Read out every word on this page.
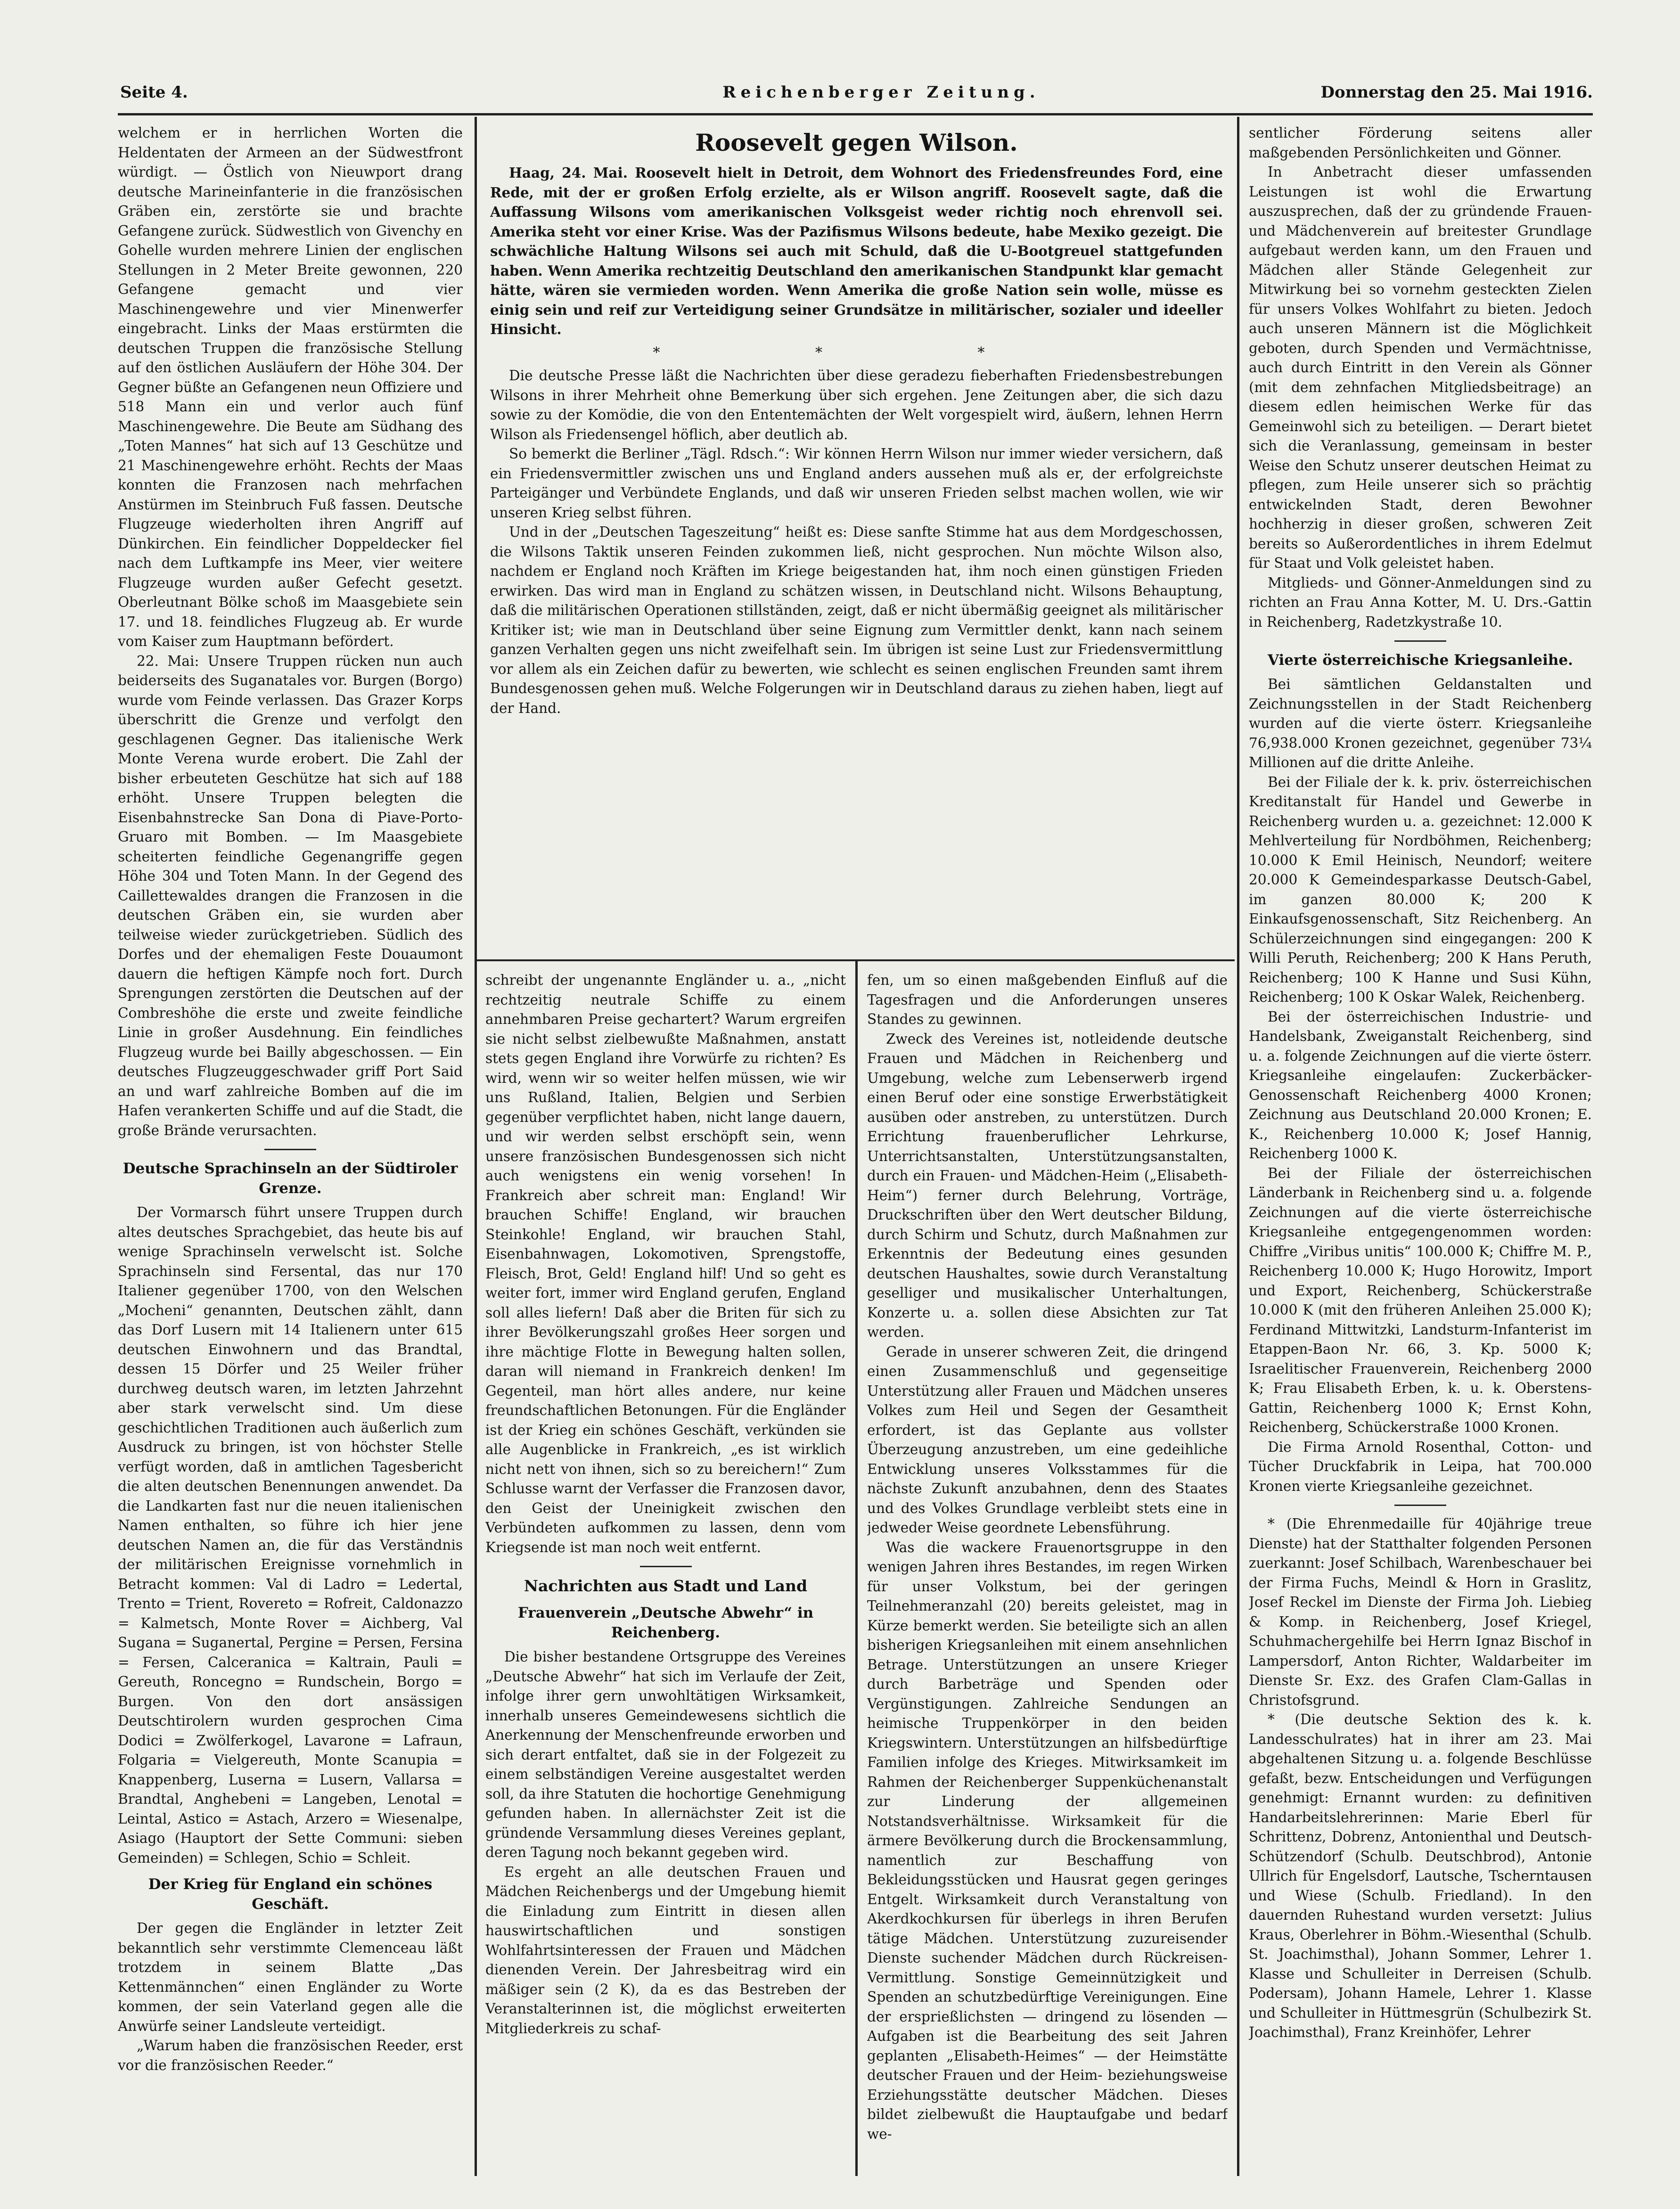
Seite 4.	Reichenberger Zeitung.	Donnerstag den 25. Mai 1916.

welchem er in herrlichen Worten die Heldentaten der Armeen an der Südwestfront würdigt. — Östlich von Nieuwport drang deutsche Marineinfanterie in die französischen Gräben ein, zerstörte sie und brachte Gefangene zurück. Südwestlich von Givenchy en Gohelle wurden mehrere Linien der englischen Stellungen in 2 Meter Breite gewonnen, 220 Gefangene gemacht und vier Maschinengewehre und vier Minenwerfer eingebracht. Links der Maas erstürmten die deutschen Truppen die französische Stellung auf den östlichen Ausläufern der Höhe 304. Der Gegner büßte an Gefangenen neun Offiziere und 518 Mann ein und verlor auch fünf Maschinengewehre. Die Beute am Südhang des „Toten Mannes“ hat sich auf 13 Geschütze und 21 Maschinengewehre erhöht. Rechts der Maas konnten die Franzosen nach mehrfachen Anstürmen im Steinbruch Fuß fassen. Deutsche Flugzeuge wiederholten ihren Angriff auf Dünkirchen. Ein feindlicher Doppeldecker fiel nach dem Luftkampfe ins Meer, vier weitere Flugzeuge wurden außer Gefecht gesetzt. Oberleutnant Bölke schoß im Maasgebiete sein 17. und 18. feindliches Flugzeug ab. Er wurde vom Kaiser zum Hauptmann befördert.

22. Mai: Unsere Truppen rücken nun auch beiderseits des Suganatales vor. Burgen (Borgo) wurde vom Feinde verlassen. Das Grazer Korps überschritt die Grenze und verfolgt den geschlagenen Gegner. Das italienische Werk Monte Verena wurde erobert. Die Zahl der bisher erbeuteten Geschütze hat sich auf 188 erhöht. Unsere Truppen belegten die Eisenbahnstrecke San Dona di Piave-Porto-Gruaro mit Bomben. — Im Maasgebiete scheiterten feindliche Gegenangriffe gegen Höhe 304 und Toten Mann. In der Gegend des Caillettewaldes drangen die Franzosen in die deutschen Gräben ein, sie wurden aber teilweise wieder zurückgetrieben. Südlich des Dorfes und der ehemaligen Feste Douaumont dauern die heftigen Kämpfe noch fort. Durch Sprengungen zerstörten die Deutschen auf der Combreshöhe die erste und zweite feindliche Linie in großer Ausdehnung. Ein feindliches Flugzeug wurde bei Bailly abgeschossen. — Ein deutsches Flugzeuggeschwader griff Port Said an und warf zahlreiche Bomben auf die im Hafen verankerten Schiffe und auf die Stadt, die große Brände verursachten.

Deutsche Sprachinseln an der Südtiroler Grenze.

Der Vormarsch führt unsere Truppen durch altes deutsches Sprachgebiet, das heute bis auf wenige Sprachinseln verwelscht ist. Solche Sprachinseln sind Fersental, das nur 170 Italiener gegenüber 1700, von den Welschen „Mocheni“ genannten, Deutschen zählt, dann das Dorf Lusern mit 14 Italienern unter 615 deutschen Einwohnern und das Brandtal, dessen 15 Dörfer und 25 Weiler früher durchweg deutsch waren, im letzten Jahrzehnt aber stark verwelscht sind. Um diese geschichtlichen Traditionen auch äußerlich zum Ausdruck zu bringen, ist von höchster Stelle verfügt worden, daß in amtlichen Tagesbericht die alten deutschen Benennungen anwendet. Da die Landkarten fast nur die neuen italienischen Namen enthalten, so führe ich hier jene deutschen Namen an, die für das Verständnis der militärischen Ereignisse vornehmlich in Betracht kommen: Val di Ladro = Ledertal, Trento = Trient, Rovereto = Rofreit, Caldonazzo = Kalmetsch, Monte Rover = Aichberg, Val Sugana = Suganertal, Pergine = Persen, Fersina = Fersen, Calceranica = Kaltrain, Pauli = Gereuth, Roncegno = Rundschein, Borgo = Burgen. Von den dort ansässigen Deutschtirolern wurden gesprochen Cima Dodici = Zwölferkogel, Lavarone = Lafraun, Folgaria = Vielgereuth, Monte Scanupia = Knappenberg, Luserna = Lusern, Vallarsa = Brandtal, Anghebeni = Langeben, Lenotal = Leintal, Astico = Astach, Arzero = Wiesenalpe, Asiago (Hauptort der Sette Communi: sieben Gemeinden) = Schlegen, Schio = Schleit.

Der Krieg für England ein schönes Geschäft.

Der gegen die Engländer in letzter Zeit bekanntlich sehr verstimmte Clemenceau läßt trotzdem in seinem Blatte „Das Kettenmännchen“ einen Engländer zu Worte kommen, der sein Vaterland gegen alle die Anwürfe seiner Landsleute verteidigt.

„Warum haben die französischen Reeder, erst vor die französischen Reeder.“

Roosevelt gegen Wilson.

Haag, 24. Mai. Roosevelt hielt in Detroit, dem Wohnort des Friedensfreundes Ford, eine Rede, mit der er großen Erfolg erzielte, als er Wilson angriff. Roosevelt sagte, daß die Auffassung Wilsons vom amerikanischen Volksgeist weder richtig noch ehrenvoll sei. Amerika steht vor einer Krise. Was der Pazifismus Wilsons bedeute, habe Mexiko gezeigt. Die schwächliche Haltung Wilsons sei auch mit Schuld, daß die U-Bootgreuel stattgefunden haben. Wenn Amerika rechtzeitig Deutschland den amerikanischen Standpunkt klar gemacht hätte, wären sie vermieden worden. Wenn Amerika die große Nation sein wolle, müsse es einig sein und reif zur Verteidigung seiner Grundsätze in militärischer, sozialer und ideeller Hinsicht.

* * *

Die deutsche Presse läßt die Nachrichten über diese geradezu fieberhaften Friedensbestrebungen Wilsons in ihrer Mehrheit ohne Bemerkung über sich ergehen. Jene Zeitungen aber, die sich dazu sowie zu der Komödie, die von den Ententemächten der Welt vorgespielt wird, äußern, lehnen Herrn Wilson als Friedensengel höflich, aber deutlich ab.

So bemerkt die Berliner „Tägl. Rdsch.“: Wir können Herrn Wilson nur immer wieder versichern, daß ein Friedensvermittler zwischen uns und England anders aussehen muß als er, der erfolgreichste Parteigänger und Verbündete Englands, und daß wir unseren Frieden selbst machen wollen, wie wir unseren Krieg selbst führen.

Und in der „Deutschen Tageszeitung“ heißt es: Diese sanfte Stimme hat aus dem Mordgeschossen, die Wilsons Taktik unseren Feinden zukommen ließ, nicht gesprochen. Nun möchte Wilson also, nachdem er England noch Kräften im Kriege beigestanden hat, ihm noch einen günstigen Frieden erwirken. Das wird man in England zu schätzen wissen, in Deutschland nicht. Wilsons Behauptung, daß die militärischen Operationen stillständen, zeigt, daß er nicht übermäßig geeignet als militärischer Kritiker ist; wie man in Deutschland über seine Eignung zum Vermittler denkt, kann nach seinem ganzen Verhalten gegen uns nicht zweifelhaft sein. Im übrigen ist seine Lust zur Friedensvermittlung vor allem als ein Zeichen dafür zu bewerten, wie schlecht es seinen englischen Freunden samt ihrem Bundesgenossen gehen muß. Welche Folgerungen wir in Deutschland daraus zu ziehen haben, liegt auf der Hand.

schreibt der ungenannte Engländer u. a., „nicht rechtzeitig neutrale Schiffe zu einem annehmbaren Preise gechartert? Warum ergreifen sie nicht selbst zielbewußte Maßnahmen, anstatt stets gegen England ihre Vorwürfe zu richten? Es wird, wenn wir so weiter helfen müssen, wie wir uns Rußland, Italien, Belgien und Serbien gegenüber verpflichtet haben, nicht lange dauern, und wir werden selbst erschöpft sein, wenn unsere französischen Bundesgenossen sich nicht auch wenigstens ein wenig vorsehen! In Frankreich aber schreit man: England! Wir brauchen Schiffe! England, wir brauchen Steinkohle! England, wir brauchen Stahl, Eisenbahnwagen, Lokomotiven, Sprengstoffe, Fleisch, Brot, Geld! England hilf! Und so geht es weiter fort, immer wird England gerufen, England soll alles liefern! Daß aber die Briten für sich zu ihrer Bevölkerungszahl großes Heer sorgen und ihre mächtige Flotte in Bewegung halten sollen, daran will niemand in Frankreich denken! Im Gegenteil, man hört alles andere, nur keine freundschaftlichen Betonungen. Für die Engländer ist der Krieg ein schönes Geschäft, verkünden sie alle Augenblicke in Frankreich, „es ist wirklich nicht nett von ihnen, sich so zu bereichern!“ Zum Schlusse warnt der Verfasser die Franzosen davor, den Geist der Uneinigkeit zwischen den Verbündeten aufkommen zu lassen, denn vom Kriegsende ist man noch weit entfernt.

Nachrichten aus Stadt und Land
Frauenverein „Deutsche Abwehr“ in Reichenberg.

Die bisher bestandene Ortsgruppe des Vereines „Deutsche Abwehr“ hat sich im Verlaufe der Zeit, infolge ihrer gern unwohltätigen Wirksamkeit, innerhalb unseres Gemeindewesens sichtlich die Anerkennung der Menschenfreunde erworben und sich derart entfaltet, daß sie in der Folgezeit zu einem selbständigen Vereine ausgestaltet werden soll, da ihre Statuten die hochortige Genehmigung gefunden haben. In allernächster Zeit ist die gründende Versammlung dieses Vereines geplant, deren Tagung noch bekannt gegeben wird.

Es ergeht an alle deutschen Frauen und Mädchen Reichenbergs und der Umgebung hiemit die Einladung zum Eintritt in diesen allen hauswirtschaftlichen und sonstigen Wohlfahrtsinteressen der Frauen und Mädchen dienenden Verein. Der Jahresbeitrag wird ein mäßiger sein (2 K), da es das Bestreben der Veranstalterinnen ist, die möglichst erweiterten Mitgliederkreis zu schaf-

fen, um so einen maßgebenden Einfluß auf die Tagesfragen und die Anforderungen unseres Standes zu gewinnen.

Zweck des Vereines ist, notleidende deutsche Frauen und Mädchen in Reichenberg und Umgebung, welche zum Lebenserwerb irgend einen Beruf oder eine sonstige Erwerbstätigkeit ausüben oder anstreben, zu unterstützen. Durch Errichtung frauenberuflicher Lehrkurse, Unterrichtsanstalten, Unterstützungsanstalten, durch ein Frauen- und Mädchen-Heim („Elisabeth-Heim“) ferner durch Belehrung, Vorträge, Druckschriften über den Wert deutscher Bildung, durch Schirm und Schutz, durch Maßnahmen zur Erkenntnis der Bedeutung eines gesunden deutschen Haushaltes, sowie durch Veranstaltung geselliger und musikalischer Unterhaltungen, Konzerte u. a. sollen diese Absichten zur Tat werden.

Gerade in unserer schweren Zeit, die dringend einen Zusammenschluß und gegenseitige Unterstützung aller Frauen und Mädchen unseres Volkes zum Heil und Segen der Gesamtheit erfordert, ist das Geplante aus vollster Überzeugung anzustreben, um eine gedeihliche Entwicklung unseres Volksstammes für die nächste Zukunft anzubahnen, denn des Staates und des Volkes Grundlage verbleibt stets eine in jedweder Weise geordnete Lebensführung.

Was die wackere Frauenortsgruppe in den wenigen Jahren ihres Bestandes, im regen Wirken für unser Volkstum, bei der geringen Teilnehmeranzahl (20) bereits geleistet, mag in Kürze bemerkt werden. Sie beteiligte sich an allen bisherigen Kriegsanleihen mit einem ansehnlichen Betrage. Unterstützungen an unsere Krieger durch Barbeträge und Spenden oder Vergünstigungen. Zahlreiche Sendungen an heimische Truppenkörper in den beiden Kriegswintern. Unterstützungen an hilfsbedürftige Familien infolge des Krieges. Mitwirksamkeit im Rahmen der Reichenberger Suppenküchenanstalt zur Linderung der allgemeinen Notstandsverhältnisse. Wirksamkeit für die ärmere Bevölkerung durch die Brockensammlung, namentlich zur Beschaffung von Bekleidungsstücken und Hausrat gegen geringes Entgelt. Wirksamkeit durch Veranstaltung von Akerdkochkursen für überlegs in ihren Berufen tätige Mädchen. Unterstützung zuzureisender Dienste suchender Mädchen durch Rückreisen-Vermittlung. Sonstige Gemeinnützigkeit und Spenden an schutzbedürftige Vereinigungen. Eine der ersprießlichsten — dringend zu lösenden — Aufgaben ist die Bearbeitung des seit Jahren geplanten „Elisabeth-Heimes“ — der Heimstätte deutscher Frauen und der Heim- beziehungsweise Erziehungsstätte deutscher Mädchen. Dieses bildet zielbewußt die Hauptaufgabe und bedarf we-

sentlicher Förderung seitens aller maßgebenden Persönlichkeiten und Gönner.

In Anbetracht dieser umfassenden Leistungen ist wohl die Erwartung auszusprechen, daß der zu gründende Frauen- und Mädchenverein auf breitester Grundlage aufgebaut werden kann, um den Frauen und Mädchen aller Stände Gelegenheit zur Mitwirkung bei so vornehm gesteckten Zielen für unsers Volkes Wohlfahrt zu bieten. Jedoch auch unseren Männern ist die Möglichkeit geboten, durch Spenden und Vermächtnisse, auch durch Eintritt in den Verein als Gönner (mit dem zehnfachen Mitgliedsbeitrage) an diesem edlen heimischen Werke für das Gemeinwohl sich zu beteiligen. — Derart bietet sich die Veranlassung, gemeinsam in bester Weise den Schutz unserer deutschen Heimat zu pflegen, zum Heile unserer sich so prächtig entwickelnden Stadt, deren Bewohner hochherzig in dieser großen, schweren Zeit bereits so Außerordentliches in ihrem Edelmut für Staat und Volk geleistet haben.

Mitglieds- und Gönner-Anmeldungen sind zu richten an Frau Anna Kotter, M. U. Drs.-Gattin in Reichenberg, Radetzkystraße 10.

Vierte österreichische Kriegsanleihe.

Bei sämtlichen Geldanstalten und Zeichnungsstellen in der Stadt Reichenberg wurden auf die vierte österr. Kriegsanleihe 76,938.000 Kronen gezeichnet, gegenüber 73¼ Millionen auf die dritte Anleihe.

Bei der Filiale der k. k. priv. österreichischen Kreditanstalt für Handel und Gewerbe in Reichenberg wurden u. a. gezeichnet: 12.000 K Mehlverteilung für Nordböhmen, Reichenberg; 10.000 K Emil Heinisch, Neundorf; weitere 20.000 K Gemeindesparkasse Deutsch-Gabel, im ganzen 80.000 K; 200 K Einkaufsgenossenschaft, Sitz Reichenberg. An Schülerzeichnungen sind eingegangen: 200 K Willi Peruth, Reichenberg; 200 K Hans Peruth, Reichenberg; 100 K Hanne und Susi Kühn, Reichenberg; 100 K Oskar Walek, Reichenberg.

Bei der österreichischen Industrie- und Handelsbank, Zweiganstalt Reichenberg, sind u. a. folgende Zeichnungen auf die vierte österr. Kriegsanleihe eingelaufen: Zuckerbäcker-Genossenschaft Reichenberg 4000 Kronen; Zeichnung aus Deutschland 20.000 Kronen; E. K., Reichenberg 10.000 K; Josef Hannig, Reichenberg 1000 K.

Bei der Filiale der österreichischen Länderbank in Reichenberg sind u. a. folgende Zeichnungen auf die vierte österreichische Kriegsanleihe entgegengenommen worden: Chiffre „Viribus unitis“ 100.000 K; Chiffre M. P., Reichenberg 10.000 K; Hugo Horowitz, Import und Export, Reichenberg, Schückerstraße 10.000 K (mit den früheren Anleihen 25.000 K); Ferdinand Mittwitzki, Landsturm-Infanterist im Etappen-Baon Nr. 66, 3. Kp. 5000 K; Israelitischer Frauenverein, Reichenberg 2000 K; Frau Elisabeth Erben, k. u. k. Oberstens-Gattin, Reichenberg 1000 K; Ernst Kohn, Reichenberg, Schückerstraße 1000 Kronen.

Die Firma Arnold Rosenthal, Cotton- und Tücher Druckfabrik in Leipa, hat 700.000 Kronen vierte Kriegsanleihe gezeichnet.

* (Die Ehrenmedaille für 40jährige treue Dienste) hat der Statthalter folgenden Personen zuerkannt: Josef Schilbach, Warenbeschauer bei der Firma Fuchs, Meindl & Horn in Graslitz, Josef Reckel im Dienste der Firma Joh. Liebieg & Komp. in Reichenberg, Josef Kriegel, Schuhmachergehilfe bei Herrn Ignaz Bischof in Lampersdorf, Anton Richter, Waldarbeiter im Dienste Sr. Exz. des Grafen Clam-Gallas in Christofsgrund.

* (Die deutsche Sektion des k. k. Landesschulrates) hat in ihrer am 23. Mai abgehaltenen Sitzung u. a. folgende Beschlüsse gefaßt, bezw. Entscheidungen und Verfügungen genehmigt: Ernannt wurden: zu definitiven Handarbeitslehrerinnen: Marie Eberl für Schrittenz, Dobrenz, Antonienthal und Deutsch-Schützendorf (Schulb. Deutschbrod), Antonie Ullrich für Engelsdorf, Lautsche, Tscherntausen und Wiese (Schulb. Friedland). In den dauernden Ruhestand wurden versetzt: Julius Kraus, Oberlehrer in Böhm.-Wiesenthal (Schulb. St. Joachimsthal), Johann Sommer, Lehrer 1. Klasse und Schulleiter in Derreisen (Schulb. Podersam), Johann Hamele, Lehrer 1. Klasse und Schulleiter in Hüttmesgrün (Schulbezirk St. Joachimsthal), Franz Kreinhöfer, Lehrer
